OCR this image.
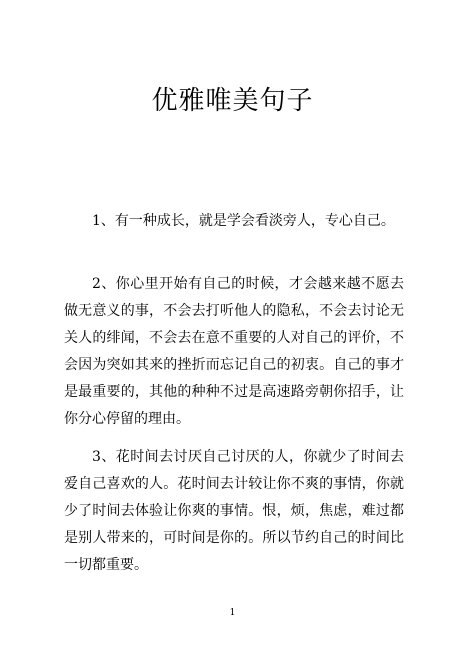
优雅唯美句子

1、有一种成长，就是学会看淡旁人，专心自己。

2、你心里开始有自己的时候，才会越来越不愿去做无意义的事，不会去打听他人的隐私，不会去讨论无关人的绯闻，不会去在意不重要的人对自己的评价，不会因为突如其来的挫折而忘记自己的初衷。自己的事才是最重要的，其他的种种不过是高速路旁朝你招手，让你分心停留的理由。

3、花时间去讨厌自己讨厌的人，你就少了时间去爱自己喜欢的人。花时间去计较让你不爽的事情，你就少了时间去体验让你爽的事情。恨，烦，焦虑，难过都是别人带来的，可时间是你的。所以节约自己的时间比一切都重要。

1
